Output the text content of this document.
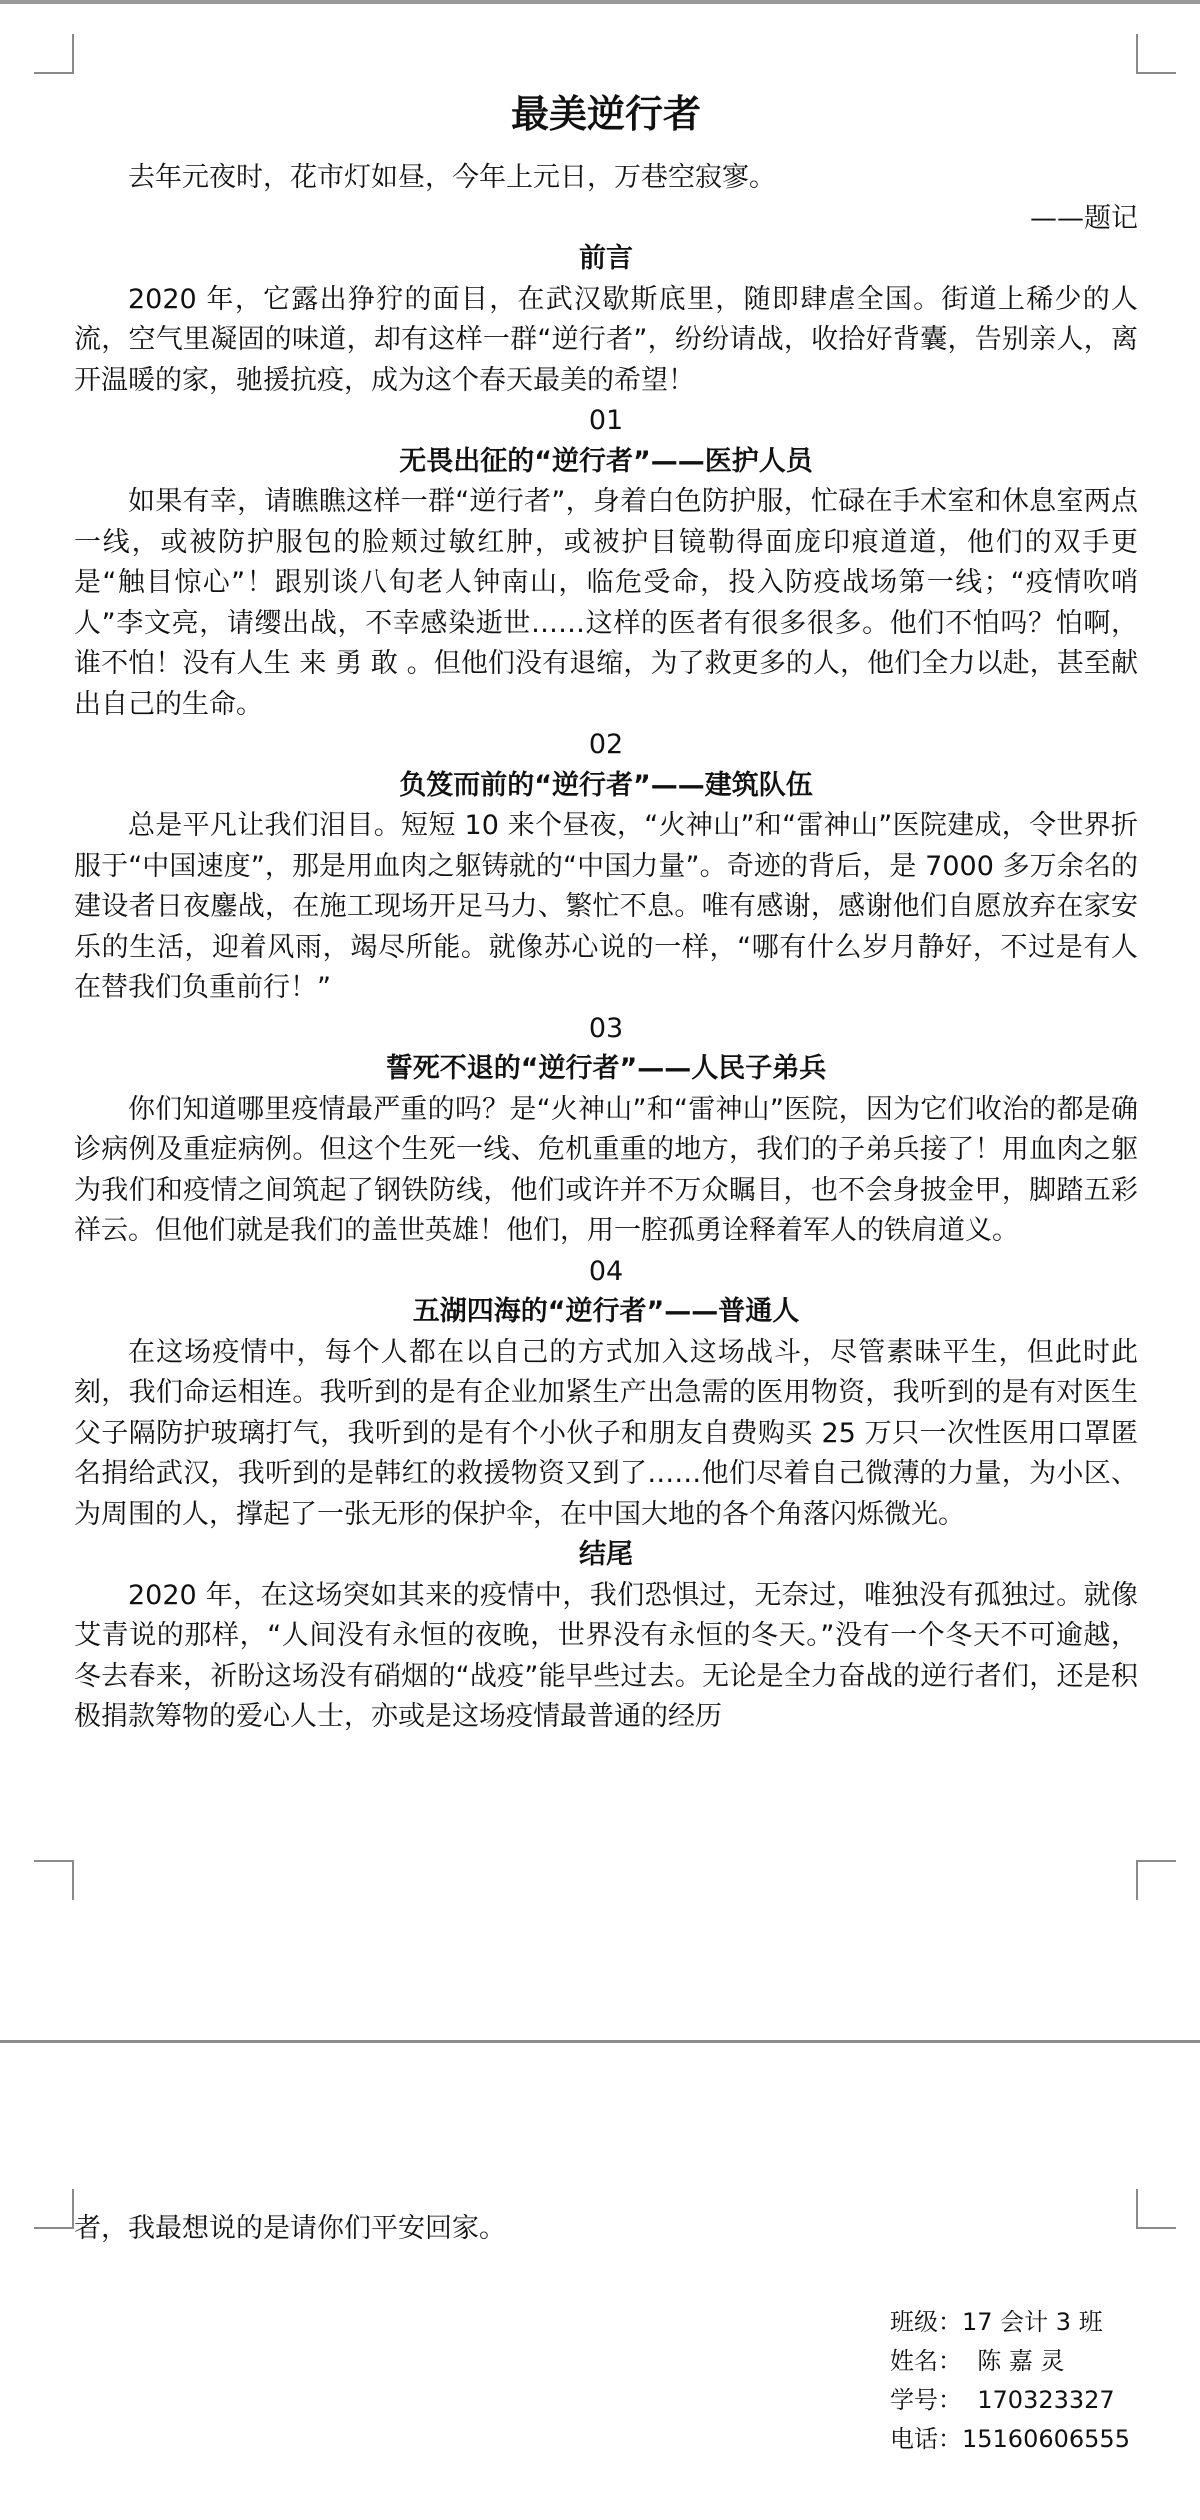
最美逆行者

去年元夜时，花市灯如昼，今年上元日，万巷空寂寥。

——题记

前言

2020 年，它露出狰狞的面目，在武汉歇斯底里，随即肆虐全国。街道上稀少的人流，空气里凝固的味道，却有这样一群“逆行者”，纷纷请战，收拾好背囊，告别亲人，离开温暖的家，驰援抗疫，成为这个春天最美的希望！

01

无畏出征的“逆行者”——医护人员

如果有幸，请瞧瞧这样一群“逆行者”，身着白色防护服，忙碌在手术室和休息室两点一线，或被防护服包的脸颊过敏红肿，或被护目镜勒得面庞印痕道道，他们的双手更是“触目惊心”！跟别谈八旬老人钟南山，临危受命，投入防疫战场第一线；“疫情吹哨人”李文亮，请缨出战，不幸感染逝世……这样的医者有很多很多。他们不怕吗？怕啊，谁不怕！没有人生 来 勇 敢 。但他们没有退缩，为了救更多的人，他们全力以赴，甚至献出自己的生命。

02

负笈而前的“逆行者”——建筑队伍

总是平凡让我们泪目。短短 10 来个昼夜，“火神山”和“雷神山”医院建成，令世界折服于“中国速度”，那是用血肉之躯铸就的“中国力量”。奇迹的背后，是 7000 多万余名的建设者日夜鏖战，在施工现场开足马力、繁忙不息。唯有感谢，感谢他们自愿放弃在家安乐的生活，迎着风雨，竭尽所能。就像苏心说的一样，“哪有什么岁月静好，不过是有人在替我们负重前行！”

03

誓死不退的“逆行者”——人民子弟兵

你们知道哪里疫情最严重的吗？是“火神山”和“雷神山”医院，因为它们收治的都是确诊病例及重症病例。但这个生死一线、危机重重的地方，我们的子弟兵接了！用血肉之躯为我们和疫情之间筑起了钢铁防线，他们或许并不万众瞩目，也不会身披金甲，脚踏五彩祥云。但他们就是我们的盖世英雄！他们，用一腔孤勇诠释着军人的铁肩道义。

04

五湖四海的“逆行者”——普通人

在这场疫情中，每个人都在以自己的方式加入这场战斗，尽管素昧平生，但此时此刻，我们命运相连。我听到的是有企业加紧生产出急需的医用物资，我听到的是有对医生父子隔防护玻璃打气，我听到的是有个小伙子和朋友自费购买 25 万只一次性医用口罩匿名捐给武汉，我听到的是韩红的救援物资又到了……他们尽着自己微薄的力量，为小区、为周围的人，撑起了一张无形的保护伞，在中国大地的各个角落闪烁微光。

结尾

2020 年，在这场突如其来的疫情中，我们恐惧过，无奈过，唯独没有孤独过。就像艾青说的那样，“人间没有永恒的夜晚，世界没有永恒的冬天。”没有一个冬天不可逾越，冬去春来，祈盼这场没有硝烟的“战疫”能早些过去。无论是全力奋战的逆行者们，还是积极捐款筹物的爱心人士，亦或是这场疫情最普通的经历

者，我最想说的是请你们平安回家。

班级：17 会计 3 班
姓名： 陈 嘉 灵
学号： 170323327
电话：15160606555
